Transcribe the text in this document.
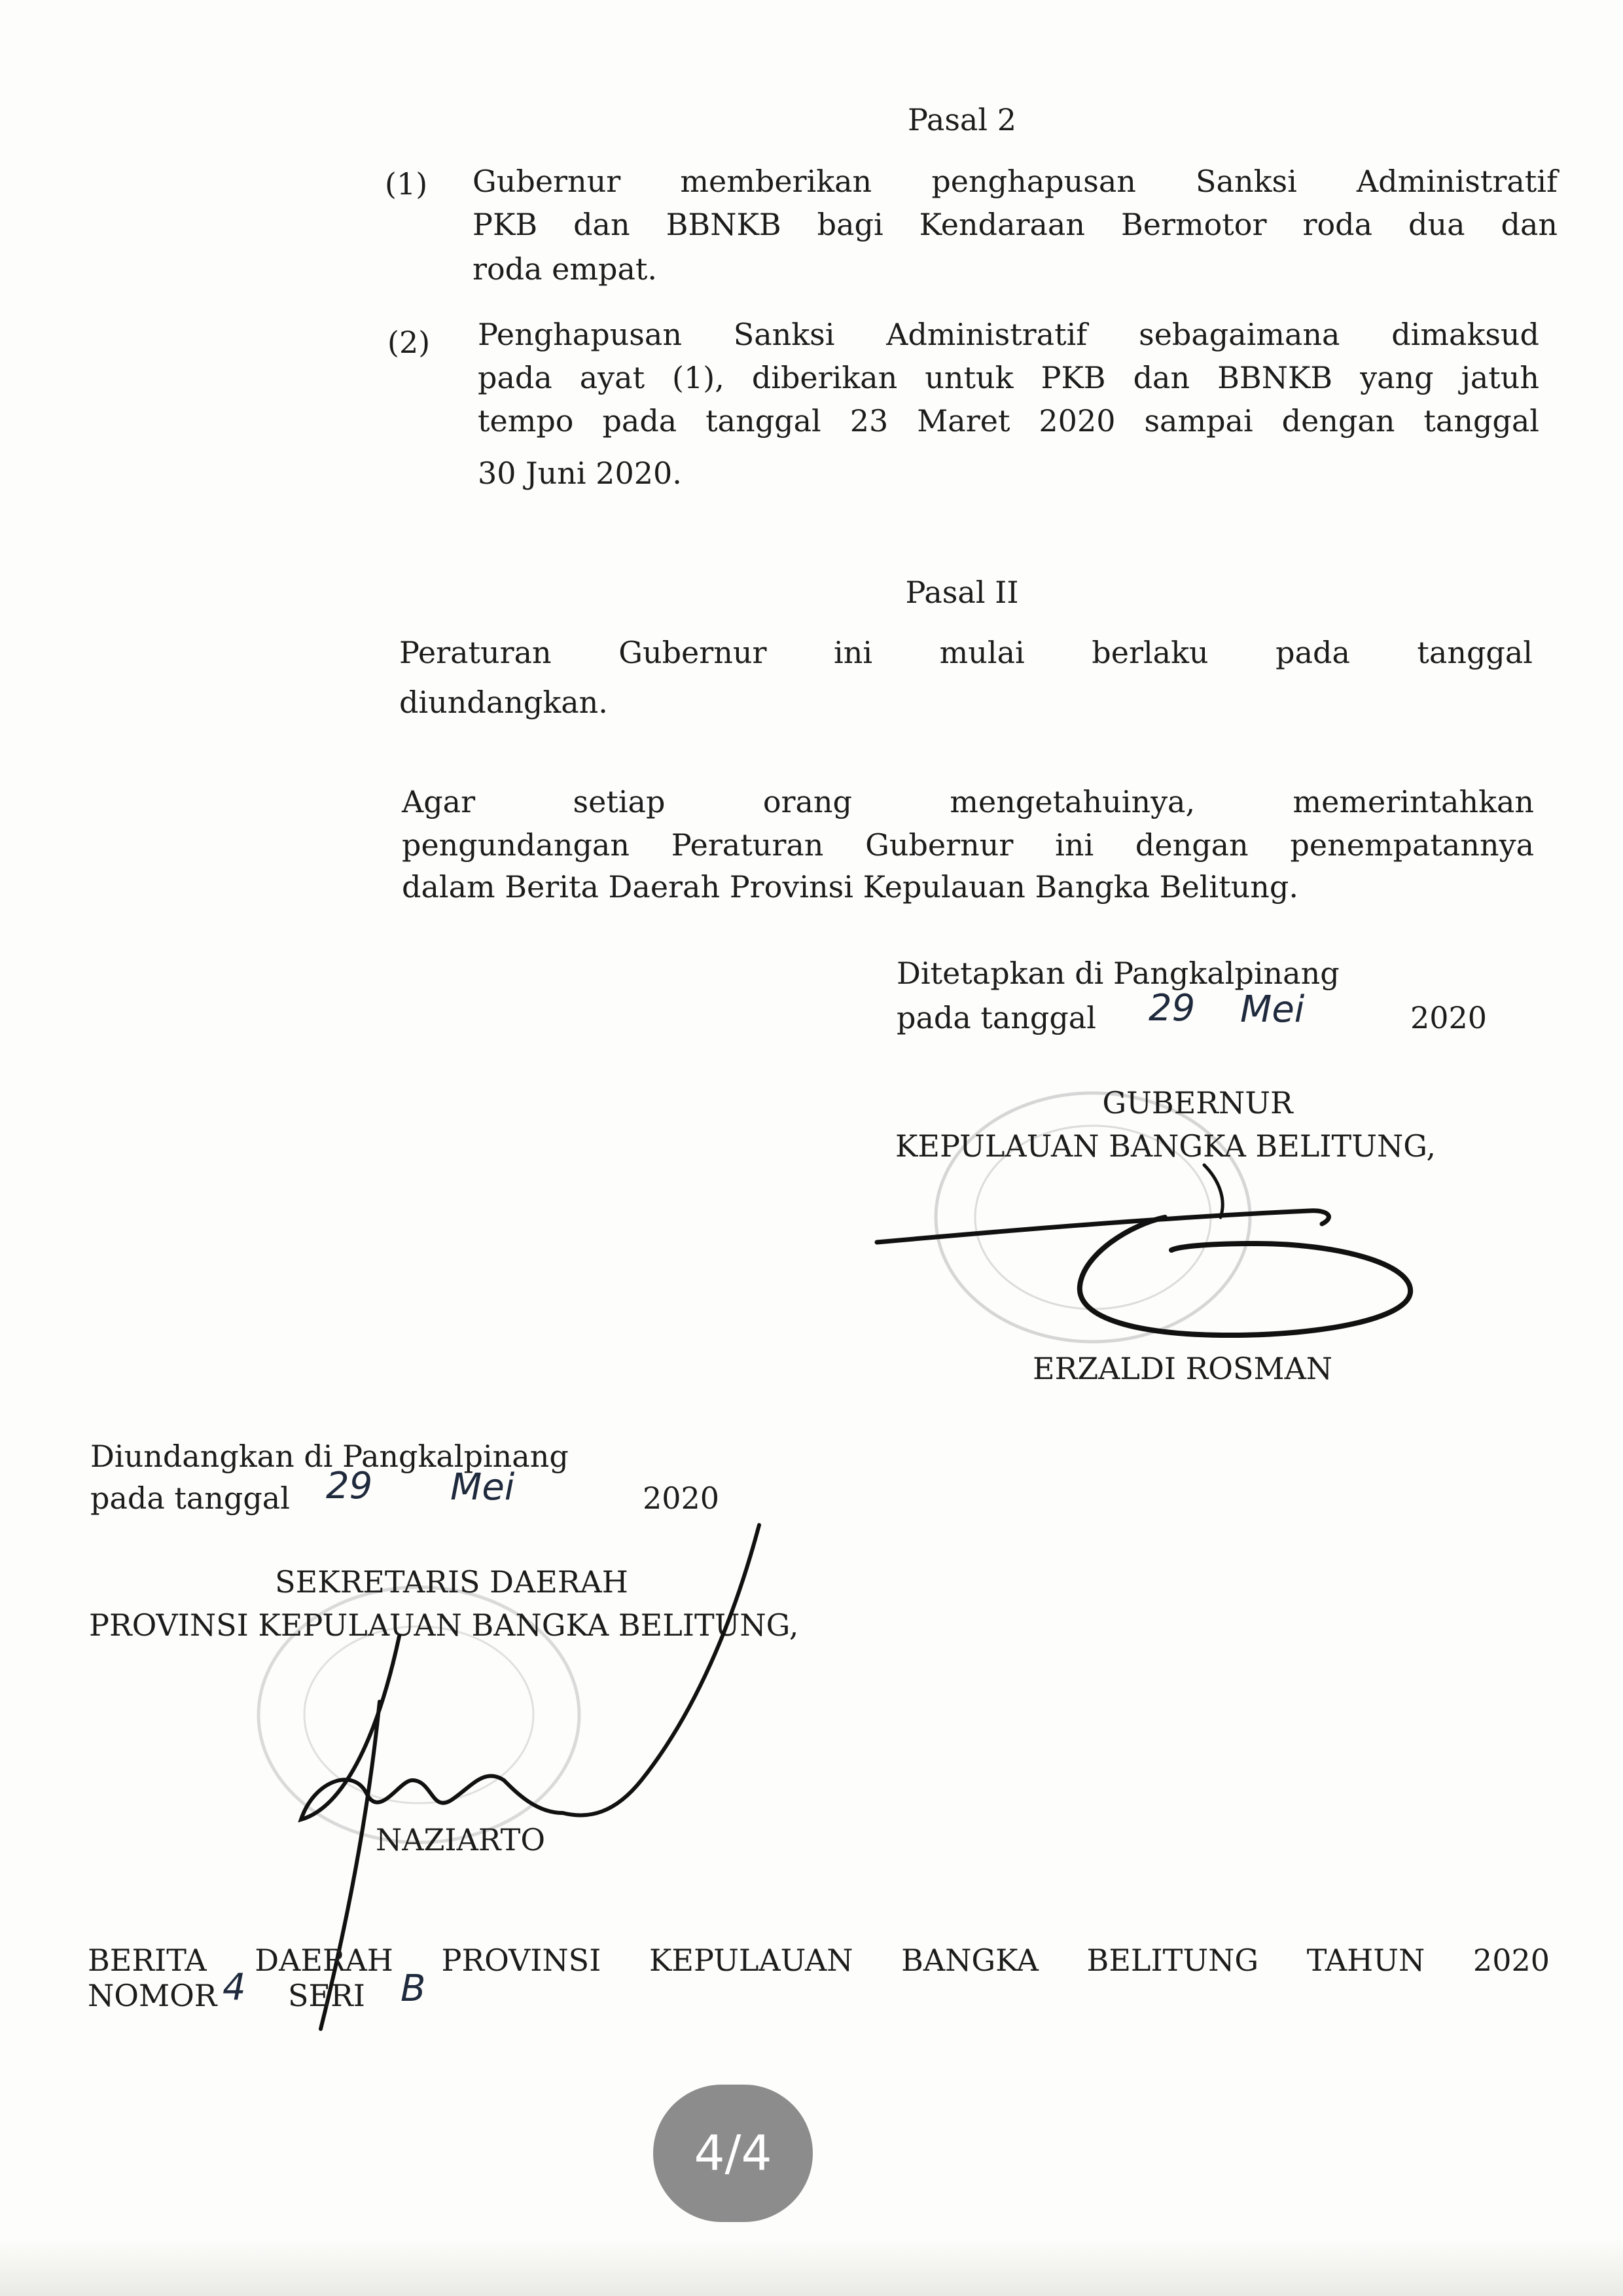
Pasal 2
(1) Gubernur memberikan penghapusan Sanksi Administratif
PKB dan BBNKB bagi Kendaraan Bermotor roda dua dan
roda empat.
(2) Penghapusan Sanksi Administratif sebagaimana dimaksud
pada ayat (1), diberikan untuk PKB dan BBNKB yang jatuh
tempo pada tanggal 23 Maret 2020 sampai dengan tanggal
30 Juni 2020.
Pasal II
Peraturan Gubernur ini mulai berlaku pada tanggal
diundangkan.
Agar setiap orang mengetahuinya, memerintahkan
pengundangan Peraturan Gubernur ini dengan penempatannya
dalam Berita Daerah Provinsi Kepulauan Bangka Belitung.
Ditetapkan di Pangkalpinang
pada tanggal 29 Mei	2020
GUBERNUR
KEPULAUAN BANGKA BELITUNG,
ERZALDI ROSMAN
Diundangkan di Pangkalpinang
pada tanggal 29 Mei	2020
SEKRETARIS DAERAH
PROVINSI KEPULAUAN BANGKA BELITUNG,
NAZIARTO
BERITA DAERAH PROVINSI KEPULAUAN BANGKA BELITUNG TAHUN 2020
NOMOR 4 SERI B
4/4
